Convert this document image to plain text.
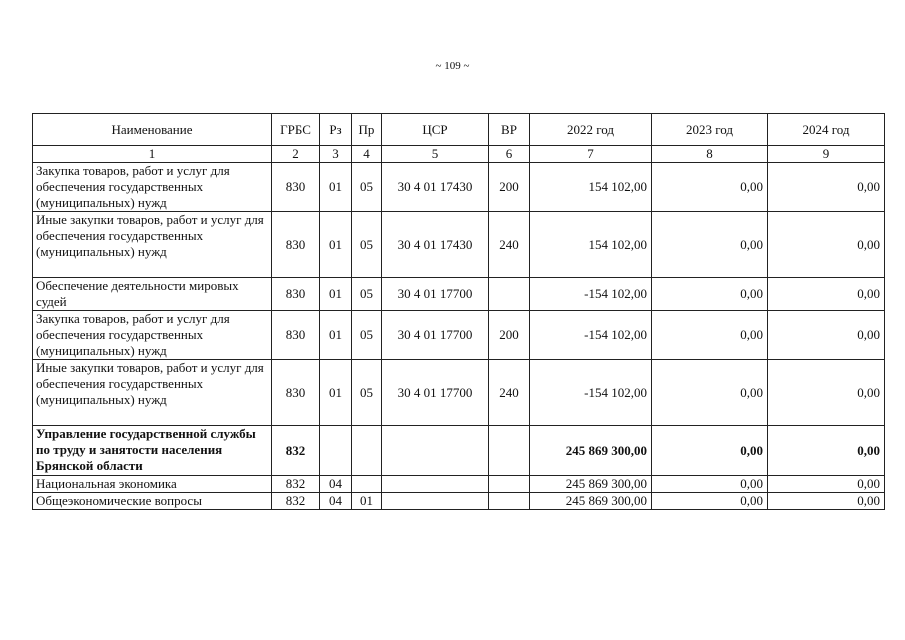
~ 109 ~
Наименование	ГРБС	Рз	Пр	ЦСР	ВР	2022 год	2023 год	2024 год
1	2	3	4	5	6	7	8	9
Закупка товаров, работ и услуг для обеспечения государственных (муниципальных) нужд	830	01	05	30 4 01 17430	200	154 102,00	0,00	0,00
Иные закупки товаров, работ и услуг для обеспечения государственных (муниципальных) нужд	830	01	05	30 4 01 17430	240	154 102,00	0,00	0,00
Обеспечение деятельности мировых судей	830	01	05	30 4 01 17700		-154 102,00	0,00	0,00
Закупка товаров, работ и услуг для обеспечения государственных (муниципальных) нужд	830	01	05	30 4 01 17700	200	-154 102,00	0,00	0,00
Иные закупки товаров, работ и услуг для обеспечения государственных (муниципальных) нужд	830	01	05	30 4 01 17700	240	-154 102,00	0,00	0,00
Управление государственной службы по труду и занятости населения Брянской области	832					245 869 300,00	0,00	0,00
Национальная экономика	832	04				245 869 300,00	0,00	0,00
Общеэкономические вопросы	832	04	01			245 869 300,00	0,00	0,00
